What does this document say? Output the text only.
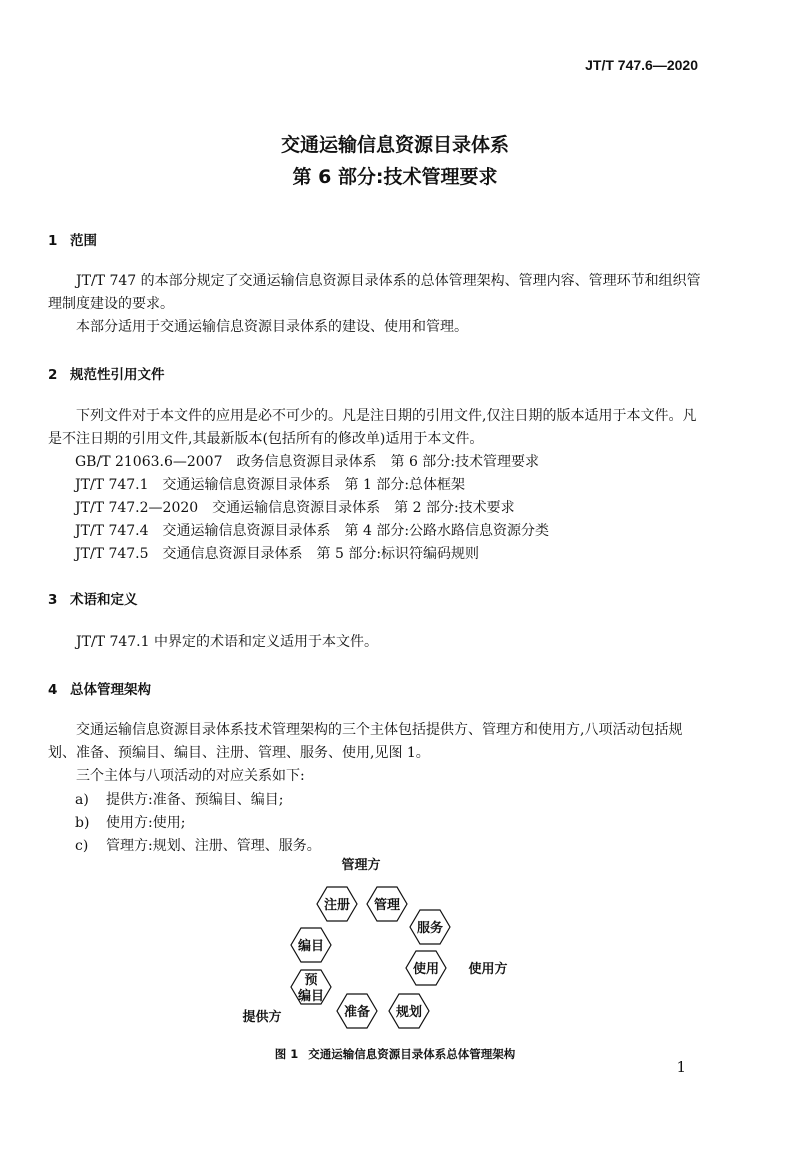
JT/T 747.6—2020
交通运输信息资源目录体系
第 6 部分:技术管理要求
1 范围
JT/T 747 的本部分规定了交通运输信息资源目录体系的总体管理架构、管理内容、管理环节和组织管理制度建设的要求。
本部分适用于交通运输信息资源目录体系的建设、使用和管理。
2 规范性引用文件
下列文件对于本文件的应用是必不可少的。凡是注日期的引用文件,仅注日期的版本适用于本文件。凡是不注日期的引用文件,其最新版本(包括所有的修改单)适用于本文件。
GB/T 21063.6—2007　政务信息资源目录体系　第 6 部分:技术管理要求
JT/T 747.1　交通运输信息资源目录体系　第 1 部分:总体框架
JT/T 747.2—2020　交通运输信息资源目录体系　第 2 部分:技术要求
JT/T 747.4　交通运输信息资源目录体系　第 4 部分:公路水路信息资源分类
JT/T 747.5　交通信息资源目录体系　第 5 部分:标识符编码规则
3 术语和定义
JT/T 747.1 中界定的术语和定义适用于本文件。
4 总体管理架构
交通运输信息资源目录体系技术管理架构的三个主体包括提供方、管理方和使用方,八项活动包括规划、准备、预编目、编目、注册、管理、服务、使用,见图 1。
三个主体与八项活动的对应关系如下:
a) 提供方:准备、预编目、编目;
b) 使用方:使用;
c) 管理方:规划、注册、管理、服务。
管理方
使用方
提供方
注册 管理
服务
使用
规划
准备
预
编目
编目
图 1 交通运输信息资源目录体系总体管理架构
1
